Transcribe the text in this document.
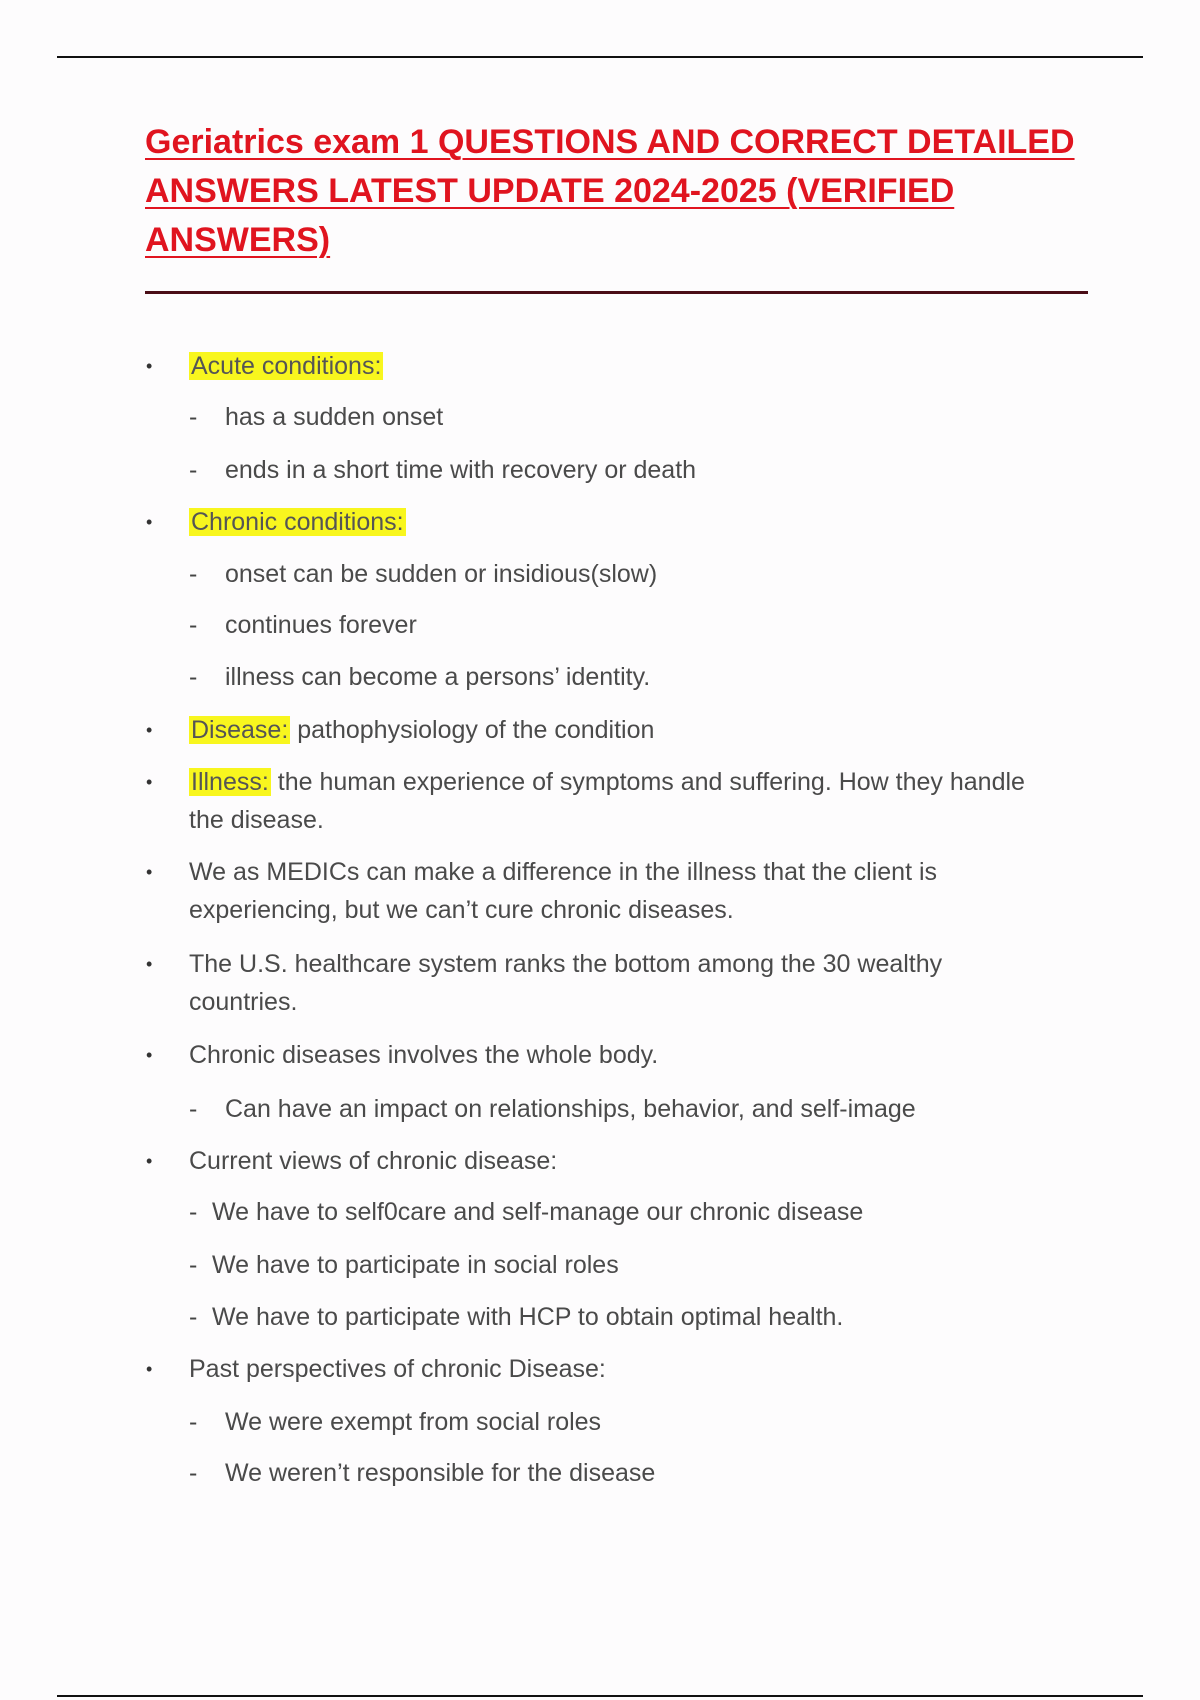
Geriatrics exam 1 QUESTIONS AND CORRECT DETAILED ANSWERS LATEST UPDATE 2024-2025 (VERIFIED ANSWERS)
•	Acute conditions:
- has a sudden onset
- ends in a short time with recovery or death
•	Chronic conditions:
- onset can be sudden or insidious(slow)
- continues forever
- illness can become a persons’ identity.
•	Disease: pathophysiology of the condition
•	Illness: the human experience of symptoms and suffering. How they handle the disease.
•	We as MEDICs can make a difference in the illness that the client is experiencing, but we can’t cure chronic diseases.
•	The U.S. healthcare system ranks the bottom among the 30 wealthy countries.
•	Chronic diseases involves the whole body.
- Can have an impact on relationships, behavior, and self-image
•	Current views of chronic disease:
- We have to self0care and self-manage our chronic disease
- We have to participate in social roles
- We have to participate with HCP to obtain optimal health.
•	Past perspectives of chronic Disease:
- We were exempt from social roles
- We weren’t responsible for the disease
